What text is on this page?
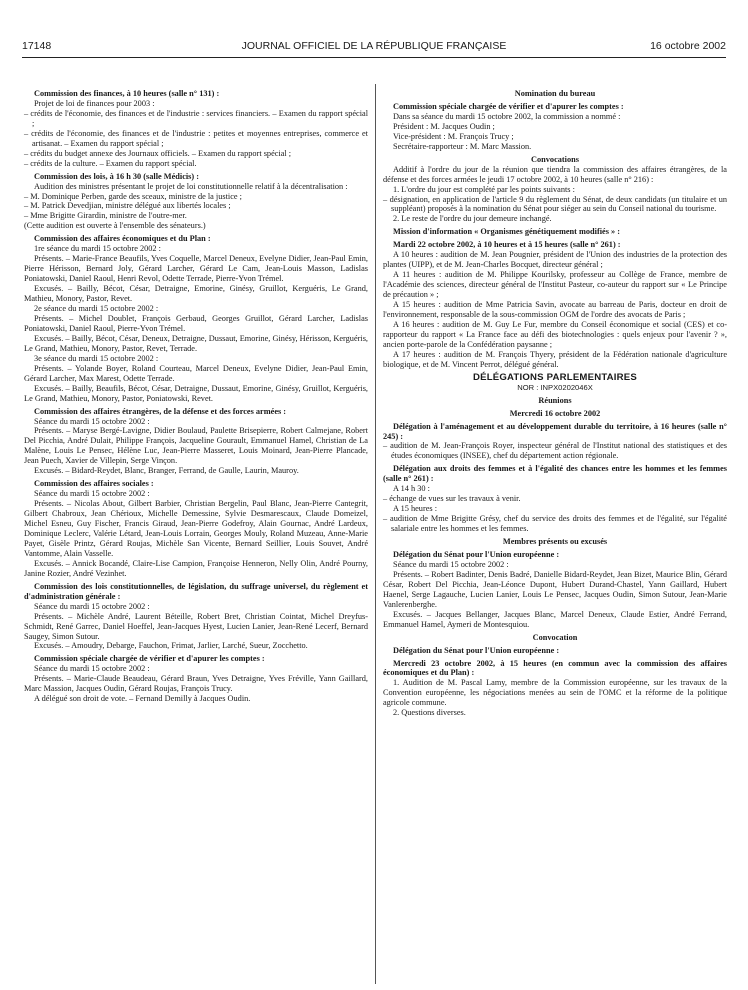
17148	JOURNAL OFFICIEL DE LA RÉPUBLIQUE FRANÇAISE	16 octobre 2002

Commission des finances, à 10 heures (salle n° 131) :

Projet de loi de finances pour 2003 :

– crédits de l'économie, des finances et de l'industrie : services financiers. – Examen du rapport spécial ;

– crédits de l'économie, des finances et de l'industrie : petites et moyennes entreprises, commerce et artisanat. – Examen du rapport spécial ;

– crédits du budget annexe des Journaux officiels. – Examen du rapport spécial ;

– crédits de la culture. – Examen du rapport spécial.

Commission des lois, à 16 h 30 (salle Médicis) :

Audition des ministres présentant le projet de loi constitutionnelle relatif à la décentralisation :

– M. Dominique Perben, garde des sceaux, ministre de la justice ;

– M. Patrick Devedjian, ministre délégué aux libertés locales ;

– Mme Brigitte Girardin, ministre de l'outre-mer.

(Cette audition est ouverte à l'ensemble des sénateurs.)

Commission des affaires économiques et du Plan :

1re séance du mardi 15 octobre 2002 :

Présents. – Marie-France Beaufils, Yves Coquelle, Marcel Deneux, Evelyne Didier, Jean-Paul Emin, Pierre Hérisson, Bernard Joly, Gérard Larcher, Gérard Le Cam, Jean-Louis Masson, Ladislas Poniatowski, Daniel Raoul, Henri Revol, Odette Terrade, Pierre-Yvon Trémel.

Excusés. – Bailly, Bécot, César, Detraigne, Emorine, Ginésy, Gruillot, Kerguéris, Le Grand, Mathieu, Monory, Pastor, Revet.

2e séance du mardi 15 octobre 2002 :

Présents. – Michel Doublet, François Gerbaud, Georges Gruillot, Gérard Larcher, Ladislas Poniatowski, Daniel Raoul, Pierre-Yvon Trémel.

Excusés. – Bailly, Bécot, César, Deneux, Detraigne, Dussaut, Emorine, Ginésy, Hérisson, Kerguéris, Le Grand, Mathieu, Monory, Pastor, Revet, Terrade.

3e séance du mardi 15 octobre 2002 :

Présents. – Yolande Boyer, Roland Courteau, Marcel Deneux, Evelyne Didier, Jean-Paul Emin, Gérard Larcher, Max Marest, Odette Terrade.

Excusés. – Bailly, Beaufils, Bécot, César, Detraigne, Dussaut, Emorine, Ginésy, Gruillot, Kerguéris, Le Grand, Mathieu, Monory, Pastor, Poniatowski, Revet.

Commission des affaires étrangères, de la défense et des forces armées :

Séance du mardi 15 octobre 2002 :

Présents. – Maryse Bergé-Lavigne, Didier Boulaud, Paulette Brisepierre, Robert Calmejane, Robert Del Picchia, André Dulait, Philippe François, Jacqueline Gourault, Emmanuel Hamel, Christian de La Malène, Louis Le Pensec, Hélène Luc, Jean-Pierre Masseret, Louis Moinard, Jean-Pierre Plancade, Jean Puech, Xavier de Villepin, Serge Vinçon.

Excusés. – Bidard-Reydet, Blanc, Branger, Ferrand, de Gaulle, Laurin, Mauroy.

Commission des affaires sociales :

Séance du mardi 15 octobre 2002 :

Présents. – Nicolas About, Gilbert Barbier, Christian Bergelin, Paul Blanc, Jean-Pierre Cantegrit, Gilbert Chabroux, Jean Chérioux, Michelle Demessine, Sylvie Desmarescaux, Claude Domeizel, Michel Esneu, Guy Fischer, Francis Giraud, Jean-Pierre Godefroy, Alain Gournac, André Lardeux, Dominique Leclerc, Valérie Létard, Jean-Louis Lorrain, Georges Mouly, Roland Muzeau, Anne-Marie Payet, Gisèle Printz, Gérard Roujas, Michèle San Vicente, Bernard Seillier, Louis Souvet, André Vantomme, Alain Vasselle.

Excusés. – Annick Bocandé, Claire-Lise Campion, Françoise Henneron, Nelly Olin, André Pourny, Janine Rozier, André Vezinhet.

Commission des lois constitutionnelles, de législation, du suffrage universel, du règlement et d'administration générale :

Séance du mardi 15 octobre 2002 :

Présents. – Michèle André, Laurent Béteille, Robert Bret, Christian Cointat, Michel Dreyfus-Schmidt, René Garrec, Daniel Hoeffel, Jean-Jacques Hyest, Lucien Lanier, Jean-René Lecerf, Bernard Saugey, Simon Sutour.

Excusés. – Amoudry, Debarge, Fauchon, Frimat, Jarlier, Larché, Sueur, Zocchetto.

Commission spéciale chargée de vérifier et d'apurer les comptes :

Séance du mardi 15 octobre 2002 :

Présents. – Marie-Claude Beaudeau, Gérard Braun, Yves Detraigne, Yves Fréville, Yann Gaillard, Marc Massion, Jacques Oudin, Gérard Roujas, François Trucy.

A délégué son droit de vote. – Fernand Demilly à Jacques Oudin.

Nomination du bureau

Commission spéciale chargée de vérifier et d'apurer les comptes :

Dans sa séance du mardi 15 octobre 2002, la commission a nommé :

Président : M. Jacques Oudin ;

Vice-président : M. François Trucy ;

Secrétaire-rapporteur : M. Marc Massion.

Convocations

Additif à l'ordre du jour de la réunion que tiendra la commission des affaires étrangères, de la défense et des forces armées le jeudi 17 octobre 2002, à 10 heures (salle n° 216) :

1. L'ordre du jour est complété par les points suivants :

– désignation, en application de l'article 9 du règlement du Sénat, de deux candidats (un titulaire et un suppléant) proposés à la nomination du Sénat pour siéger au sein du Conseil national du tourisme.

2. Le reste de l'ordre du jour demeure inchangé.

Mission d'information « Organismes génétiquement modifiés » :

Mardi 22 octobre 2002, à 10 heures et à 15 heures (salle n° 261) :

A 10 heures : audition de M. Jean Pougnier, président de l'Union des industries de la protection des plantes (UIPP), et de M. Jean-Charles Bocquet, directeur général ;

A 11 heures : audition de M. Philippe Kourilsky, professeur au Collège de France, membre de l'Académie des sciences, directeur général de l'Institut Pasteur, co-auteur du rapport sur « Le Principe de précaution » ;

A 15 heures : audition de Mme Patricia Savin, avocate au barreau de Paris, docteur en droit de l'environnement, responsable de la sous-commission OGM de l'ordre des avocats de Paris ;

A 16 heures : audition de M. Guy Le Fur, membre du Conseil économique et social (CES) et co-rapporteur du rapport « La France face au défi des biotechnologies : quels enjeux pour l'avenir ? », ancien porte-parole de la Confédération paysanne ;

A 17 heures : audition de M. François Thyery, président de la Fédération nationale d'agriculture biologique, et de M. Vincent Perrot, délégué général.

DÉLÉGATIONS PARLEMENTAIRES

NOR : INPX0202046X

Réunions

Mercredi 16 octobre 2002

Délégation à l'aménagement et au développement durable du territoire, à 16 heures (salle n° 245) :

– audition de M. Jean-François Royer, inspecteur général de l'Institut national des statistiques et des études économiques (INSEE), chef du département action régionale.

Délégation aux droits des femmes et à l'égalité des chances entre les hommes et les femmes (salle n° 261) :

A 14 h 30 :

– échange de vues sur les travaux à venir.

A 15 heures :

– audition de Mme Brigitte Grésy, chef du service des droits des femmes et de l'égalité, sur l'égalité salariale entre les hommes et les femmes.

Membres présents ou excusés

Délégation du Sénat pour l'Union européenne :

Séance du mardi 15 octobre 2002 :

Présents. – Robert Badinter, Denis Badré, Danielle Bidard-Reydet, Jean Bizet, Maurice Blin, Gérard César, Robert Del Picchia, Jean-Léonce Dupont, Hubert Durand-Chastel, Yann Gaillard, Hubert Haenel, Serge Lagauche, Lucien Lanier, Louis Le Pensec, Jacques Oudin, Simon Sutour, Jean-Marie Vanlerenberghe.

Excusés. – Jacques Bellanger, Jacques Blanc, Marcel Deneux, Claude Estier, André Ferrand, Emmanuel Hamel, Aymeri de Montesquiou.

Convocation

Délégation du Sénat pour l'Union européenne :

Mercredi 23 octobre 2002, à 15 heures (en commun avec la commission des affaires économiques et du Plan) :

1. Audition de M. Pascal Lamy, membre de la Commission européenne, sur les travaux de la Convention européenne, les négociations menées au sein de l'OMC et la réforme de la politique agricole commune.

2. Questions diverses.
